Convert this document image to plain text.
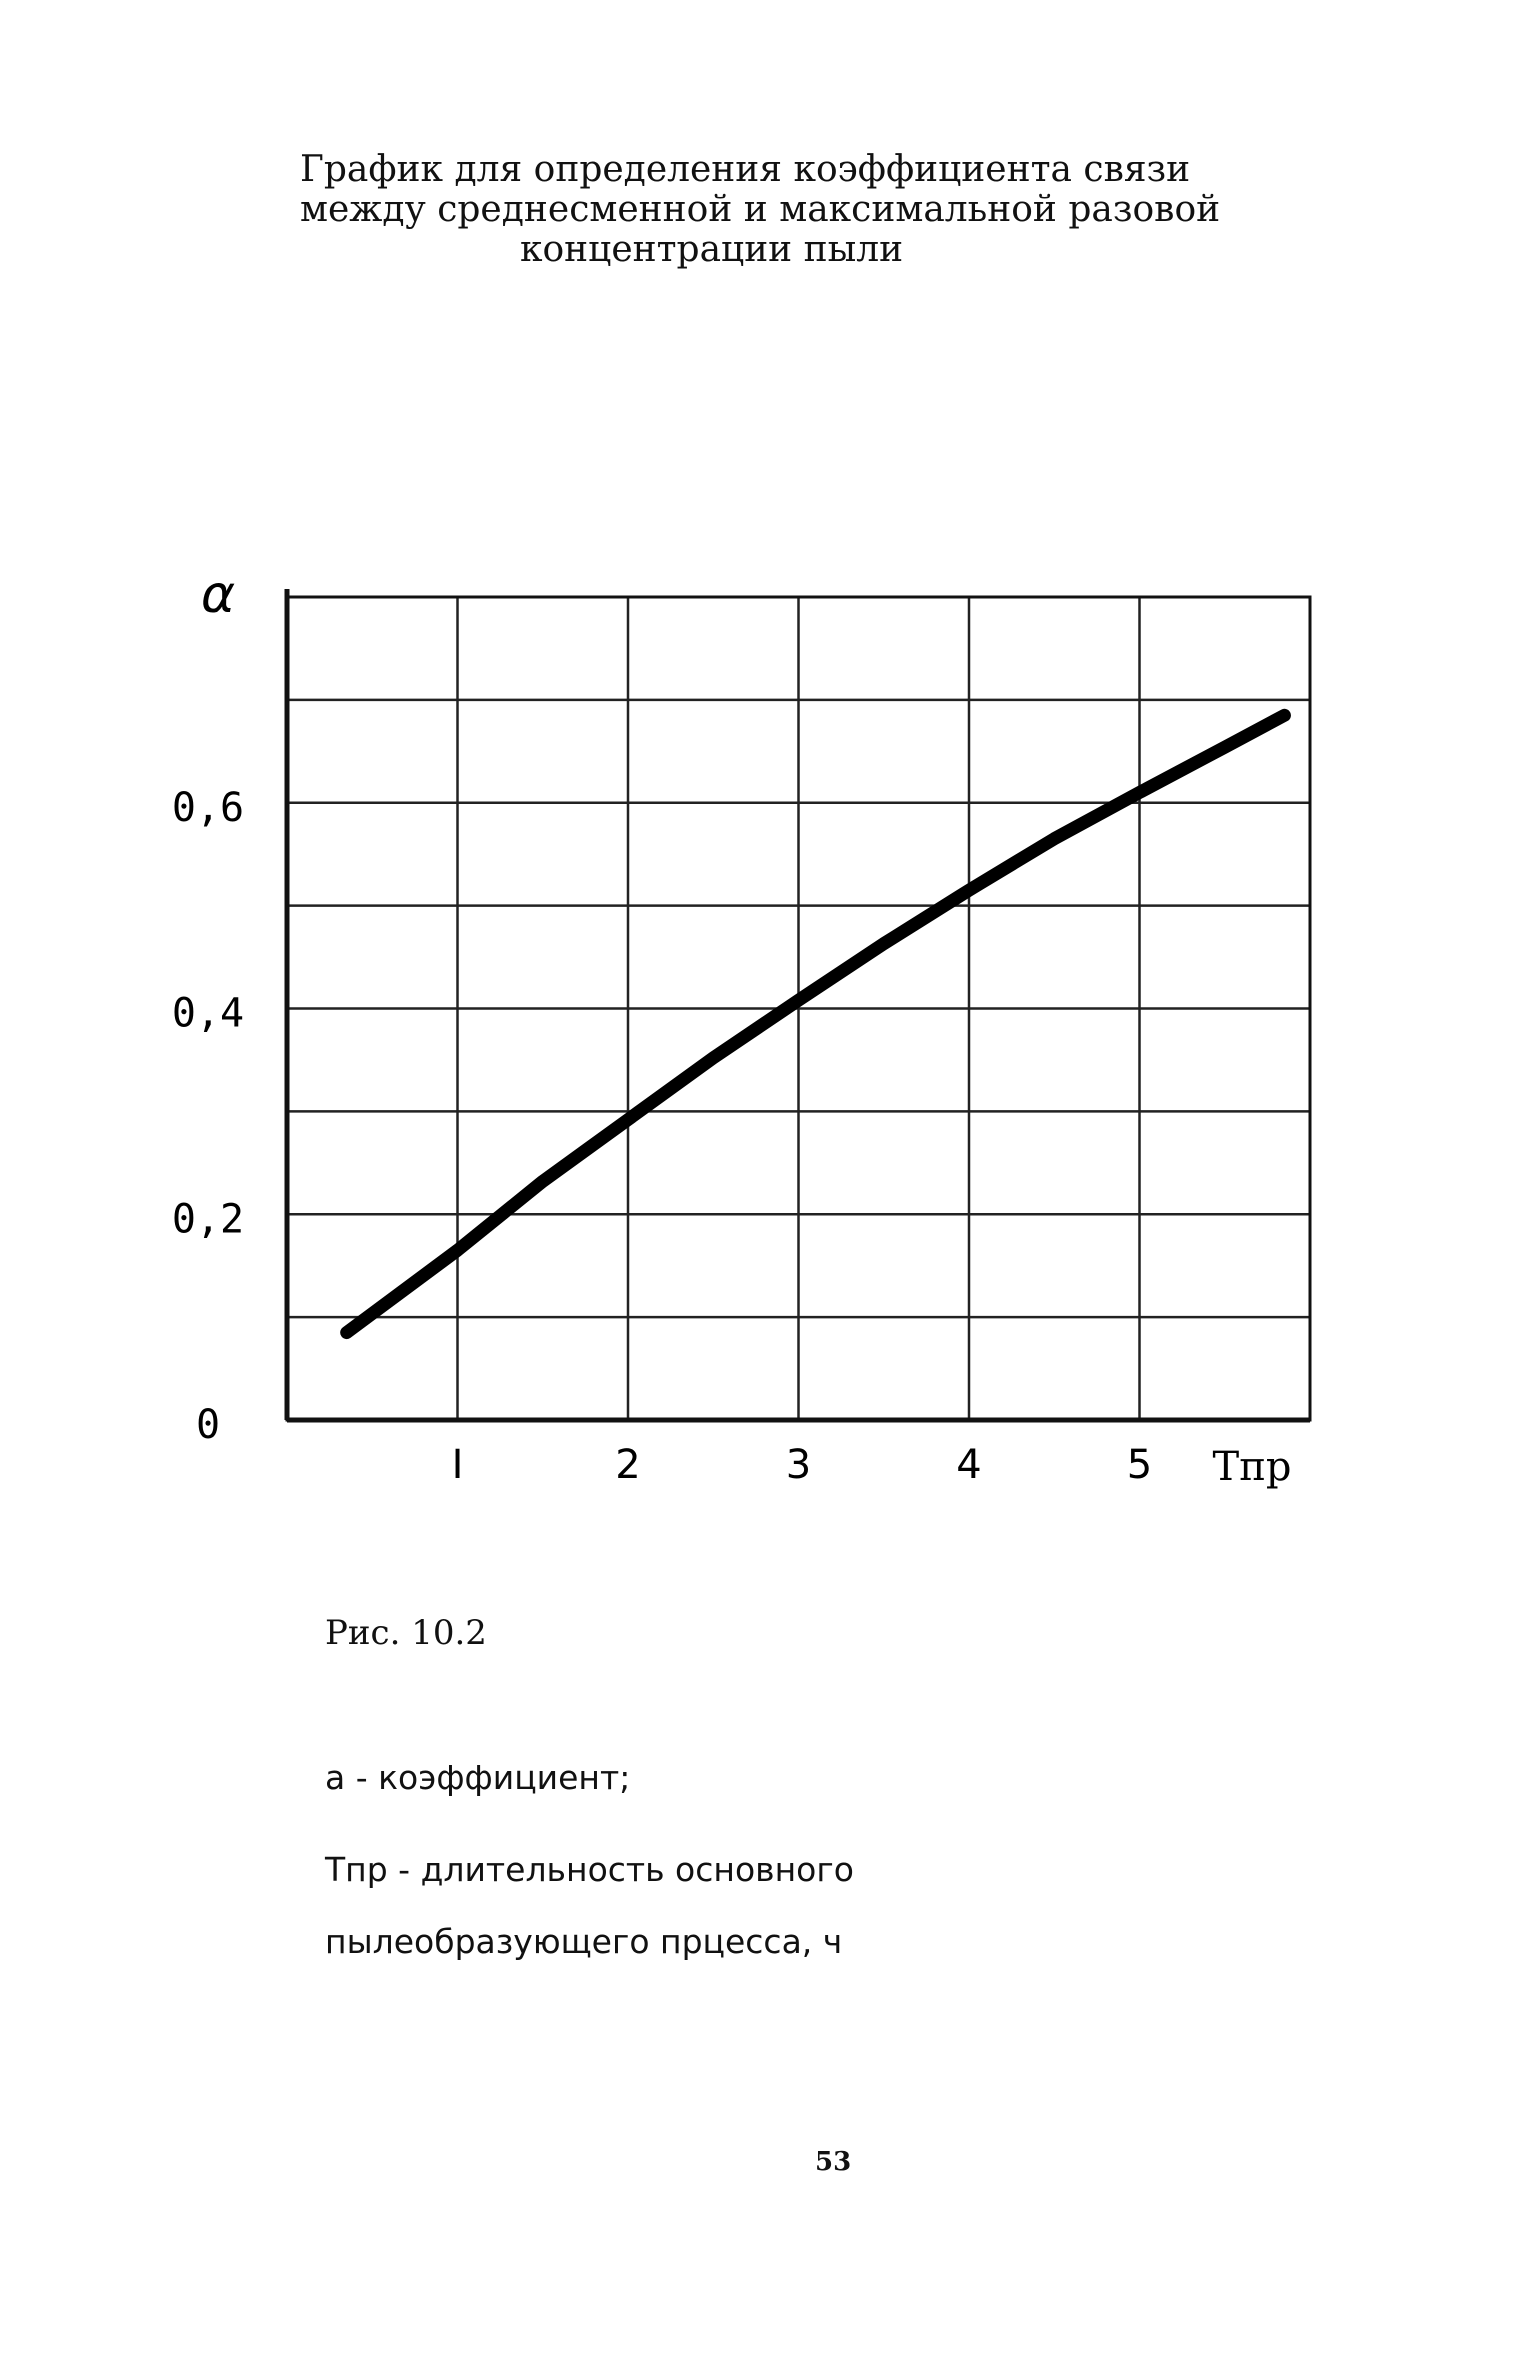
График для определения коэффициента связи
между среднесменной и максимальной разовой
концентрации пыли
α
0
0,2
0,4
0,6
I	2	3	4	5 Тпр
Рис. 10.2
а - коэффициент;
Тпр - длительность основного
пылеобразующего прцесса, ч
53
